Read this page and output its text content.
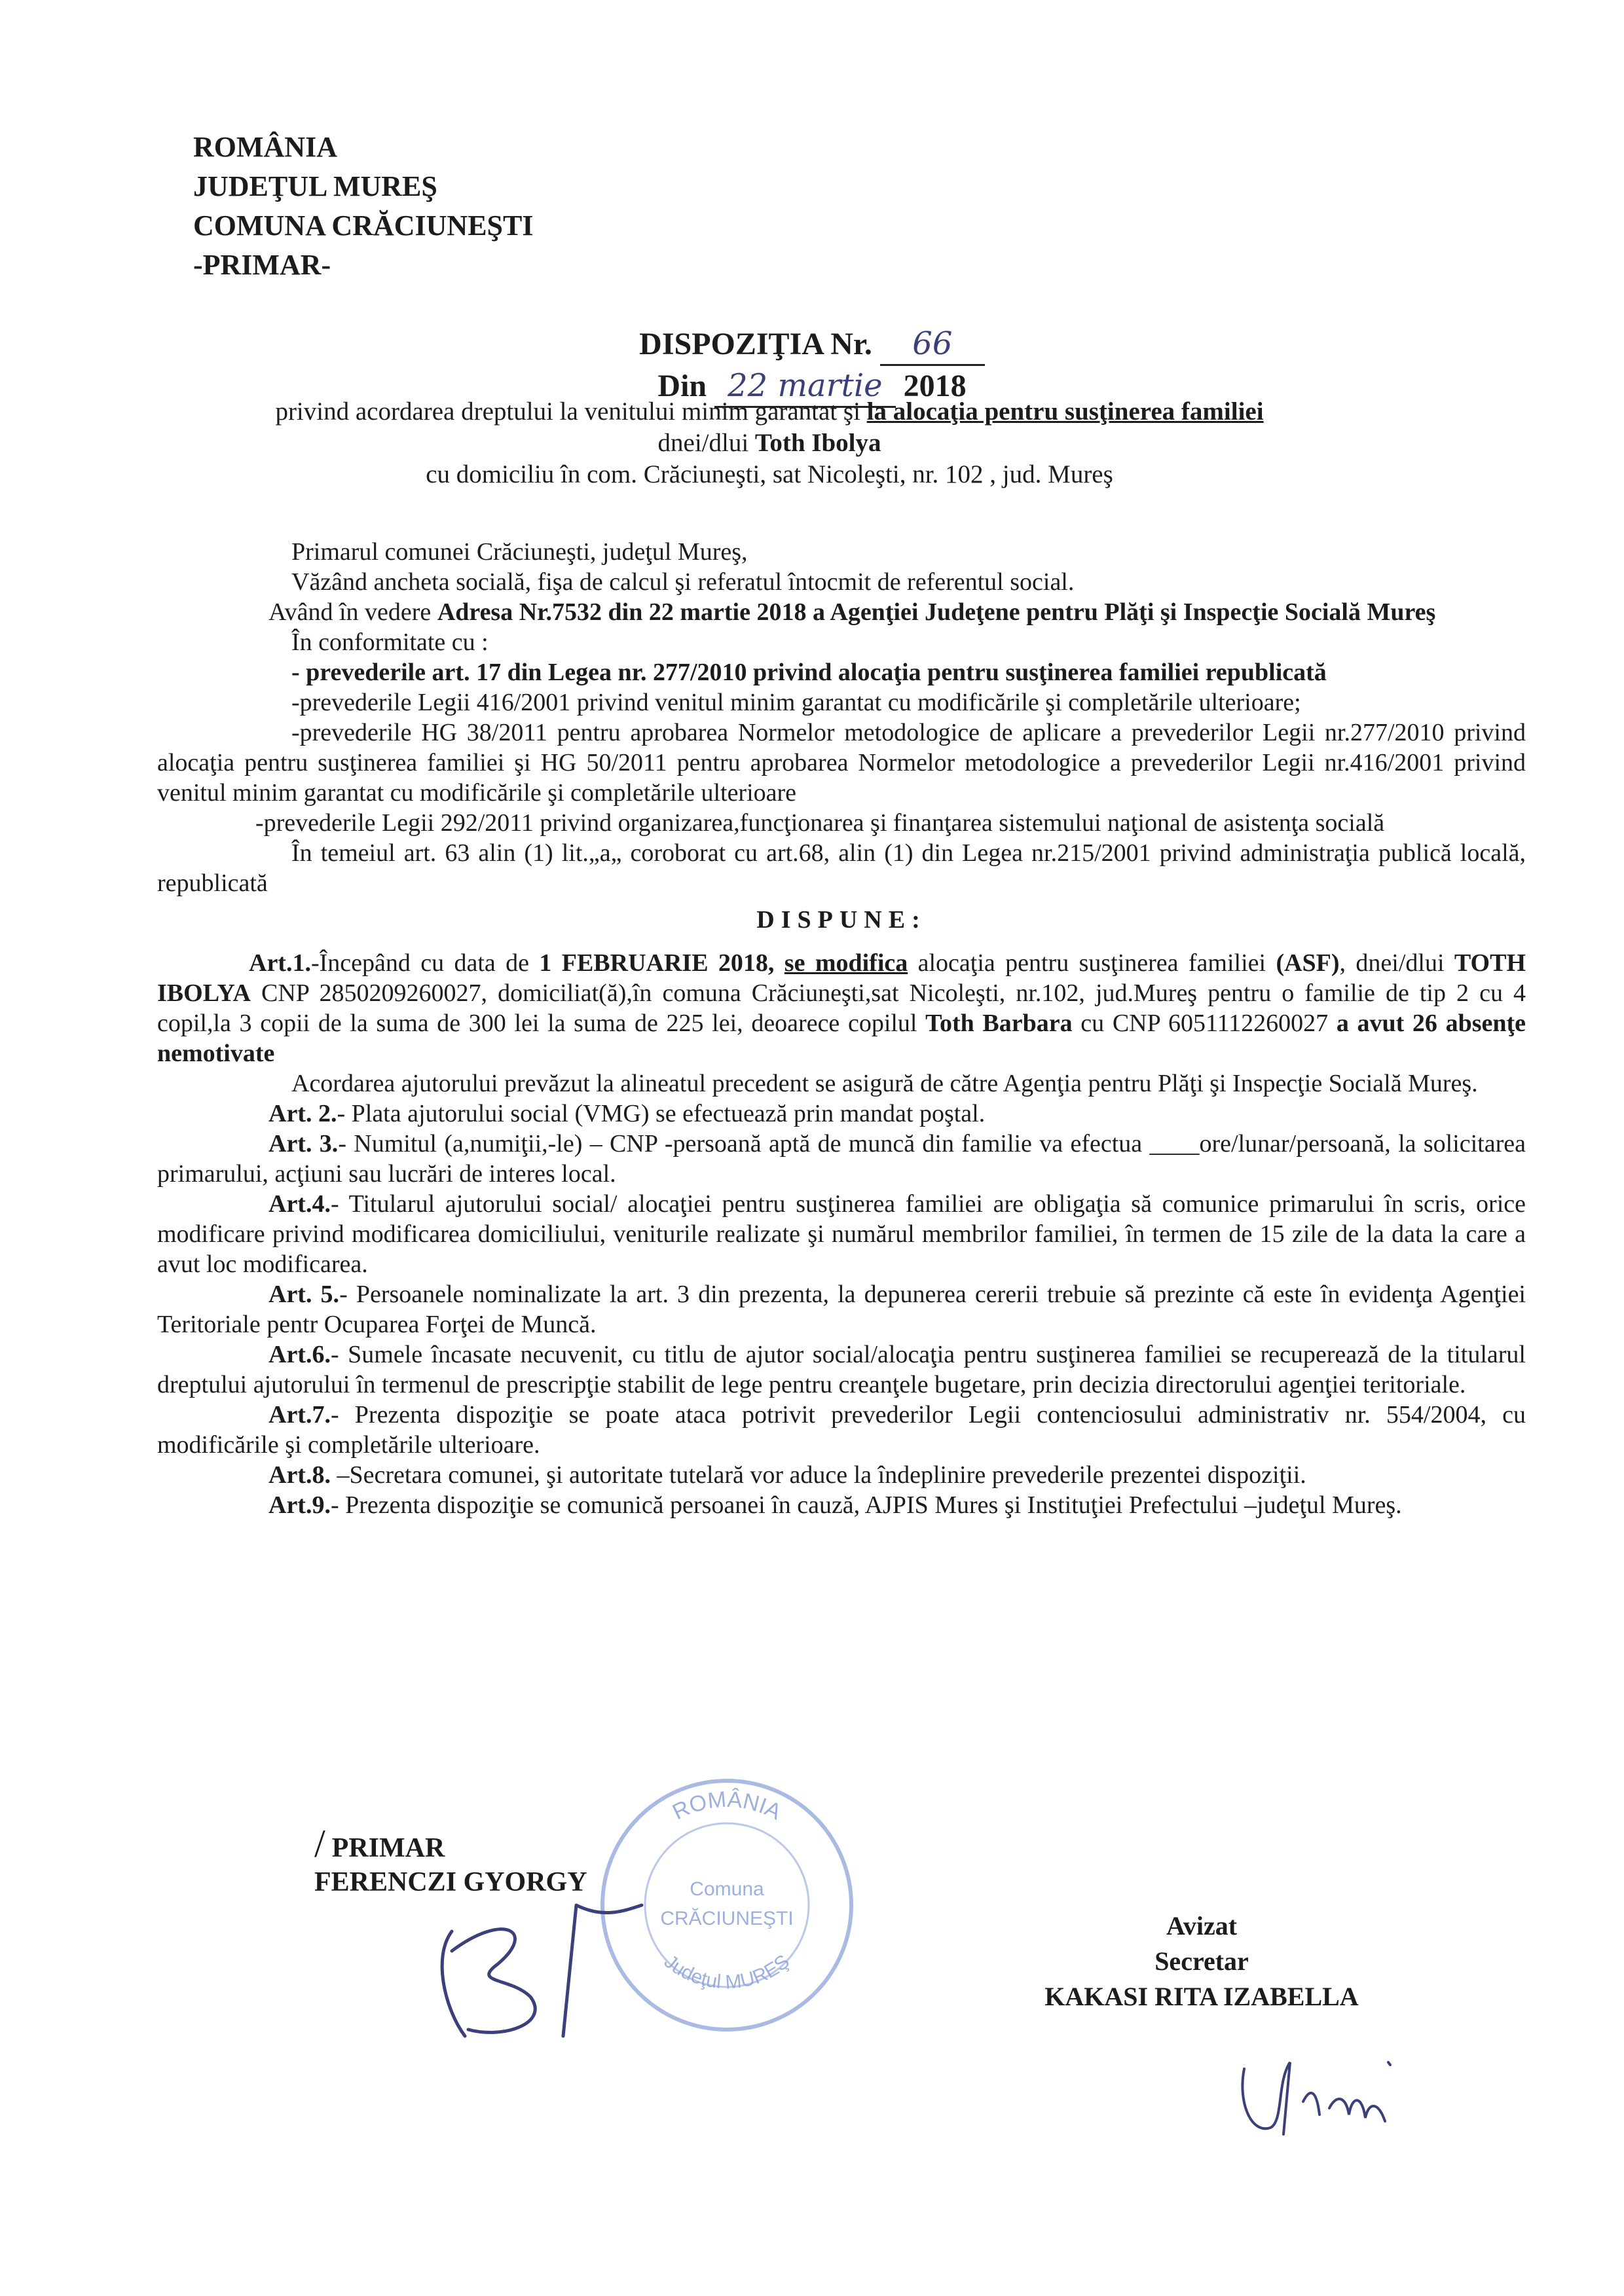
ROMÂNIA
JUDEŢUL MUREŞ
COMUNA CRĂCIUNEŞTI
-PRIMAR-
DISPOZIŢIA Nr. 66
Din 22 martie 2018
privind acordarea dreptului la venitului minim garantat şi la alocaţia pentru susţinerea familiei
dnei/dlui Toth Ibolya
cu domiciliu în com. Crăciuneşti, sat Nicoleşti, nr. 102 , jud. Mureş

Primarul comunei Crăciuneşti, judeţul Mureş,

Văzând ancheta socială, fişa de calcul şi referatul întocmit de referentul social.

Având în vedere Adresa Nr.7532 din 22 martie 2018 a Agenţiei Judeţene pentru Plăţi şi Inspecţie Socială Mureş

În conformitate cu :

- prevederile art. 17 din Legea nr. 277/2010 privind alocaţia pentru susţinerea familiei republicată

-prevederile Legii 416/2001 privind venitul minim garantat cu modificările şi completările ulterioare;

-prevederile HG 38/2011 pentru aprobarea Normelor metodologice de aplicare a prevederilor Legii nr.277/2010 privind alocaţia pentru susţinerea familiei şi HG 50/2011 pentru aprobarea Normelor metodologice a prevederilor Legii nr.416/2001 privind venitul minim garantat cu modificările şi completările ulterioare

-prevederile Legii 292/2011 privind organizarea,funcţionarea şi finanţarea sistemului naţional de asistenţa socială

În temeiul art. 63 alin (1) lit.„a„ coroborat cu art.68, alin (1) din Legea nr.215/2001 privind administraţia publică locală, republicată

DISPUNE:

Art.1.-Începând cu data de 1 FEBRUARIE 2018, se modifica alocaţia pentru susţinerea familiei (ASF), dnei/dlui TOTH IBOLYA CNP 2850209260027, domiciliat(ă),în comuna Crăciuneşti,sat Nicoleşti, nr.102, jud.Mureş pentru o familie de tip 2 cu 4 copil,la 3 copii de la suma de 300 lei la suma de 225 lei, deoarece copilul Toth Barbara cu CNP 6051112260027 a avut 26 absenţe nemotivate

Acordarea ajutorului prevăzut la alineatul precedent se asigură de către Agenţia pentru Plăţi şi Inspecţie Socială Mureş.

Art. 2.- Plata ajutorului social (VMG) se efectuează prin mandat poştal.

Art. 3.- Numitul (a,numiţii,-le) – CNP -persoană aptă de muncă din familie va efectua ____ore/lunar/persoană, la solicitarea primarului, acţiuni sau lucrări de interes local.

Art.4.- Titularul ajutorului social/ alocaţiei pentru susţinerea familiei are obligaţia să comunice primarului în scris, orice modificare privind modificarea domiciliului, veniturile realizate şi numărul membrilor familiei, în termen de 15 zile de la data la care a avut loc modificarea.

Art. 5.- Persoanele nominalizate la art. 3 din prezenta, la depunerea cererii trebuie să prezinte că este în evidenţa Agenţiei Teritoriale pentr Ocuparea Forţei de Muncă.

Art.6.- Sumele încasate necuvenit, cu titlu de ajutor social/alocaţia pentru susţinerea familiei se recuperează de la titularul dreptului ajutorului în termenul de prescripţie stabilit de lege pentru creanţele bugetare, prin decizia directorului agenţiei teritoriale.

Art.7.- Prezenta dispoziţie se poate ataca potrivit prevederilor Legii contenciosului administrativ nr. 554/2004, cu modificările şi completările ulterioare.

Art.8. –Secretara comunei, şi autoritate tutelară vor aduce la îndeplinire prevederile prezentei dispoziţii.

Art.9.- Prezenta dispoziţie se comunică persoanei în cauză, AJPIS Mures şi Instituţiei Prefectului –judeţul Mureş.

ROMÂNIA
Comuna
CRĂCIUNEŞTI
Judeţul MUREŞ
/ PRIMAR
FERENCZI GYORGY
Avizat
Secretar
KAKASI RITA IZABELLA
